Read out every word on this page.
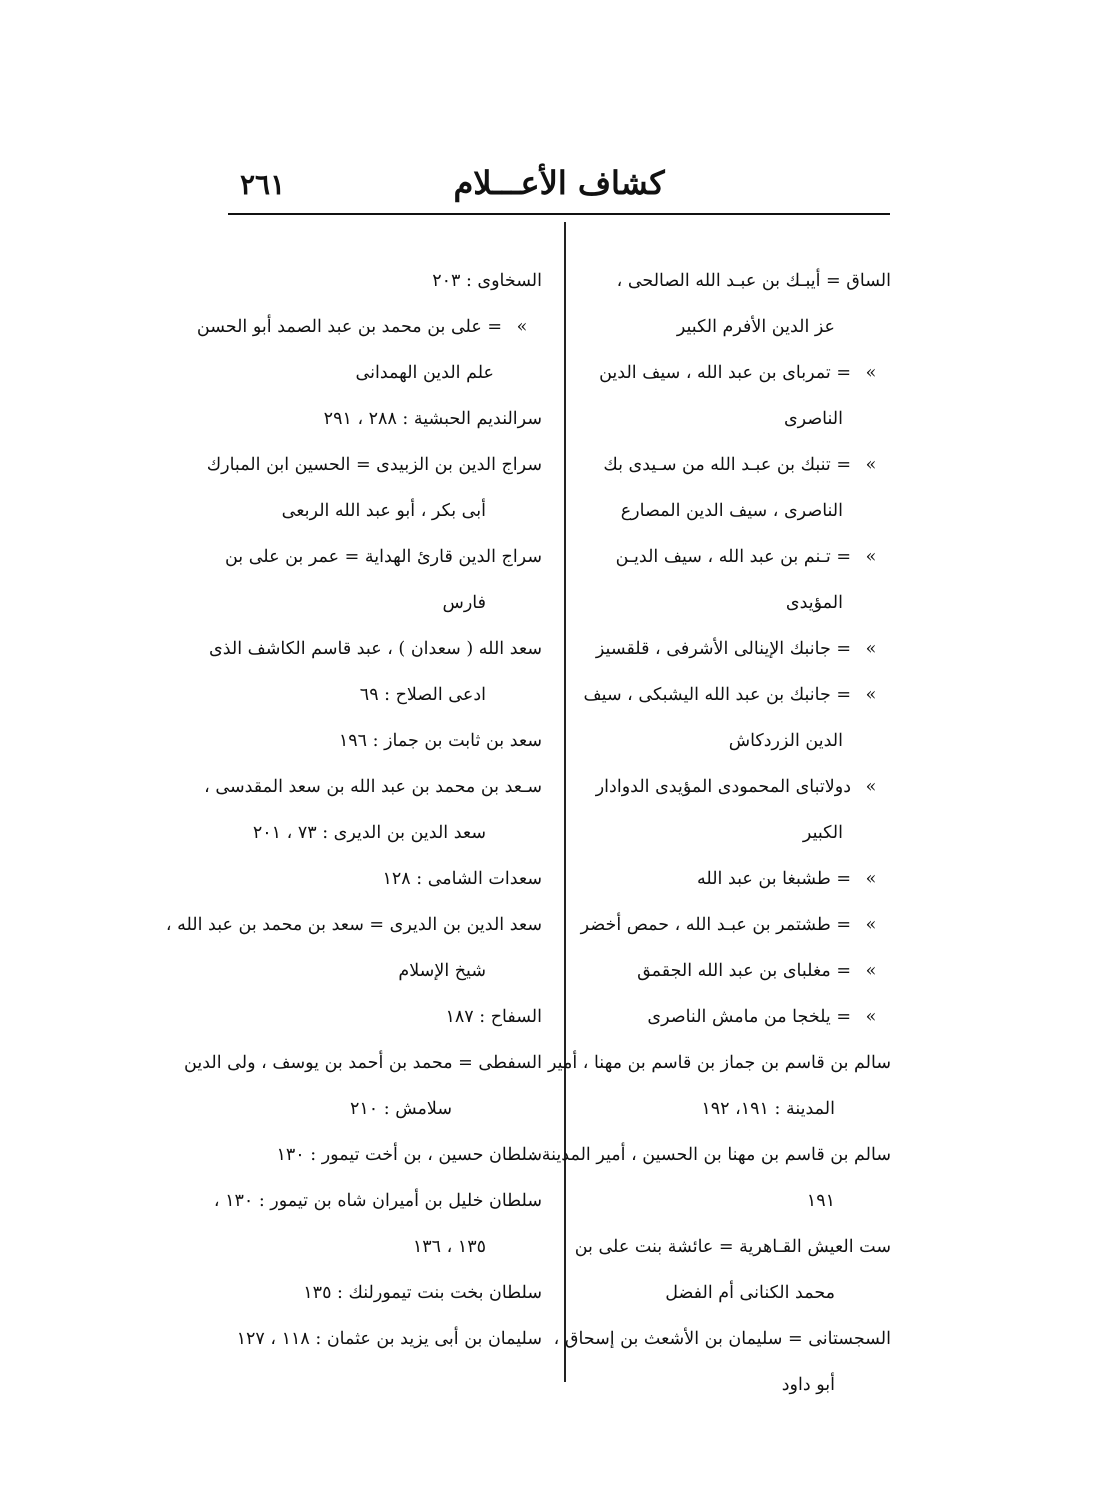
كشاف الأعـــلام
٢٦١
الساق = أيبـك بن عبـد الله الصالحى ،
عز الدين الأفرم الكبير
»= تمربای بن عبد الله ، سيف الدين
الناصرى
»= تنبك بن عبـد الله من سـيدى بك
الناصرى ، سيف الدين المصارع
»= تـنم بن عبد الله ، سيف الديـن
المؤيدى
»= جانبك الإينالى الأشرفى ، قلقسيز
»= جانبك بن عبد الله اليشبكى ، سيف
الدين الزردكاش
»دولاتباى المحمودى المؤيدى الدوادار
الكبير
»= طشبغا بن عبد الله
»= طشتمر بن عبـد الله ، حمص أخضر
»= مغلباى بن عبد الله الجقمق
»= يلخجا من مامش الناصرى
سالم بن قاسم بن جماز بن قاسم بن مهنا ، أمير
المدينة : ١٩١، ١٩٢
سالم بن قاسم بن مهنا بن الحسين ، أمير المدينة :
١٩١
ست العيش القـاهرية = عائشة بنت على بن
محمد الكنانى أم الفضل
السجستانى = سليمان بن الأشعث بن إسحاق ،
أبو داود
السخاوى : ٢٠٣
»= على بن محمد بن عبد الصمد أبو الحسن
علم الدين الهمدانى
سرالنديم الحبشية : ٢٨٨ ، ٢٩١
سراج الدين بن الزبيدى = الحسين ابن المبارك
أبى بكر ، أبو عبد الله الربعى
سراج الدين قارئ الهداية = عمر بن على بن
فارس
سعد الله ( سعدان ) ، عبد قاسم الكاشف الذى
ادعى الصلاح : ٦٩
سعد بن ثابت بن جماز : ١٩٦
سـعد بن محمد بن عبد الله بن سعد المقدسى ،
سعد الدين بن الديرى : ٧٣ ، ٢٠١
سعدات الشامى : ١٢٨
سعد الدين بن الديرى = سعد بن محمد بن عبد الله ،
شيخ الإسلام
السفاح : ١٨٧
السفطى = محمد بن أحمد بن يوسف ، ولى الدين
سلامش : ٢١٠
سلطان حسين ، بن أخت تيمور : ١٣٠
سلطان خليل بن أميران شاه بن تيمور : ١٣٠ ،
١٣٥ ، ١٣٦
سلطان بخت بنت تيمورلنك : ١٣٥
سليمان بن أبى يزيد بن عثمان : ١١٨ ، ١٢٧
